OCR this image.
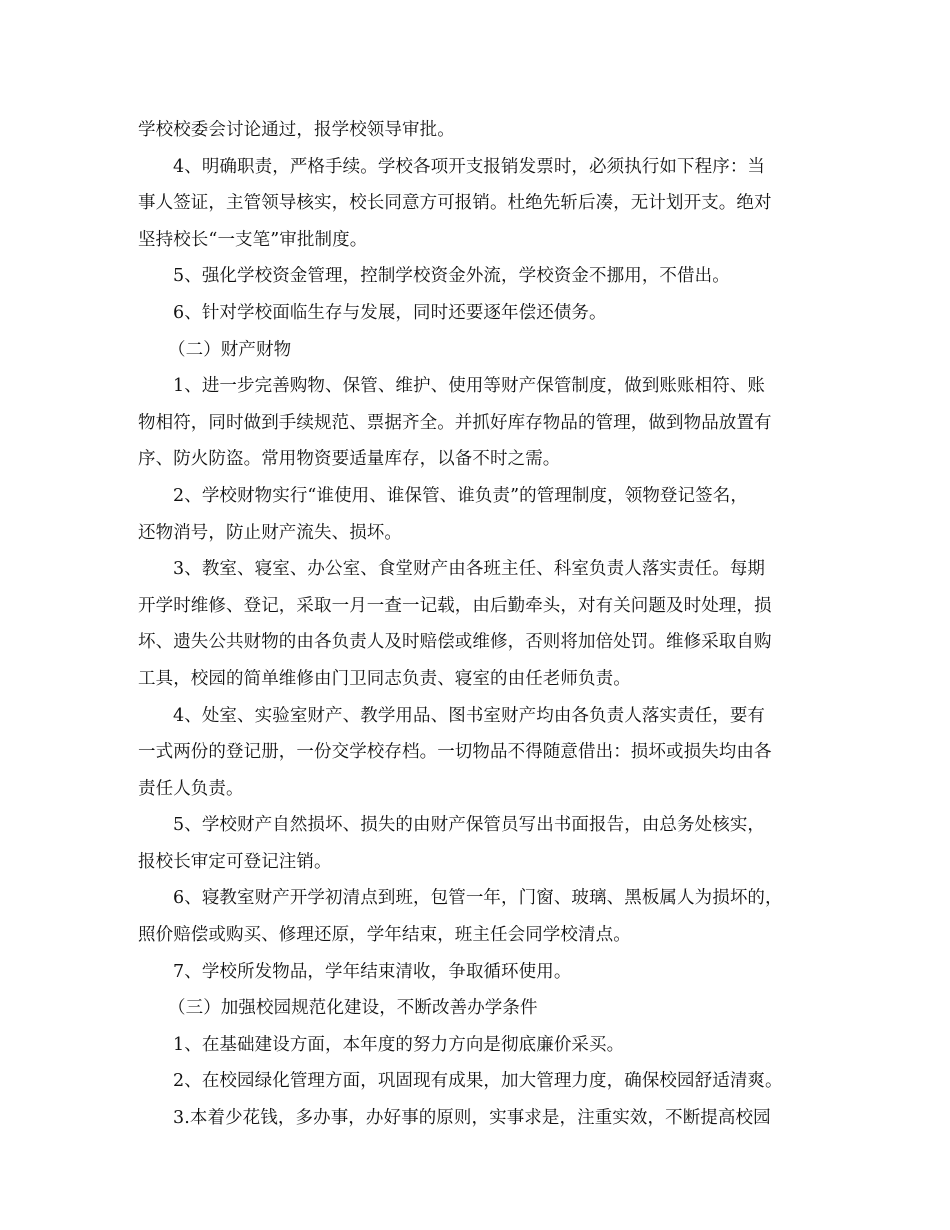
学校校委会讨论通过，报学校领导审批。
4、明确职责，严格手续。学校各项开支报销发票时，必须执行如下程序：当
事人签证，主管领导核实，校长同意方可报销。杜绝先斩后凑，无计划开支。绝对
坚持校长“一支笔”审批制度。
5、强化学校资金管理，控制学校资金外流，学校资金不挪用，不借出。
6、针对学校面临生存与发展，同时还要逐年偿还债务。
（二）财产财物
1、进一步完善购物、保管、维护、使用等财产保管制度，做到账账相符、账
物相符，同时做到手续规范、票据齐全。并抓好库存物品的管理，做到物品放置有
序、防火防盗。常用物资要适量库存，以备不时之需。
2、学校财物实行“谁使用、谁保管、谁负责”的管理制度，领物登记签名，
还物消号，防止财产流失、损坏。
3、教室、寝室、办公室、食堂财产由各班主任、科室负责人落实责任。每期
开学时维修、登记，采取一月一查一记载，由后勤牵头，对有关问题及时处理，损
坏、遗失公共财物的由各负责人及时赔偿或维修，否则将加倍处罚。维修采取自购
工具，校园的简单维修由门卫同志负责、寝室的由任老师负责。
4、处室、实验室财产、教学用品、图书室财产均由各负责人落实责任，要有
一式两份的登记册，一份交学校存档。一切物品不得随意借出：损坏或损失均由各
责任人负责。
5、学校财产自然损坏、损失的由财产保管员写出书面报告，由总务处核实，
报校长审定可登记注销。
6、寝教室财产开学初清点到班，包管一年，门窗、玻璃、黑板属人为损坏的，
照价赔偿或购买、修理还原，学年结束，班主任会同学校清点。
7、学校所发物品，学年结束清收，争取循环使用。
（三）加强校园规范化建设，不断改善办学条件
1、在基础建设方面，本年度的努力方向是彻底廉价采买。
2、在校园绿化管理方面，巩固现有成果，加大管理力度，确保校园舒适清爽。
3.本着少花钱，多办事，办好事的原则，实事求是，注重实效，不断提高校园
